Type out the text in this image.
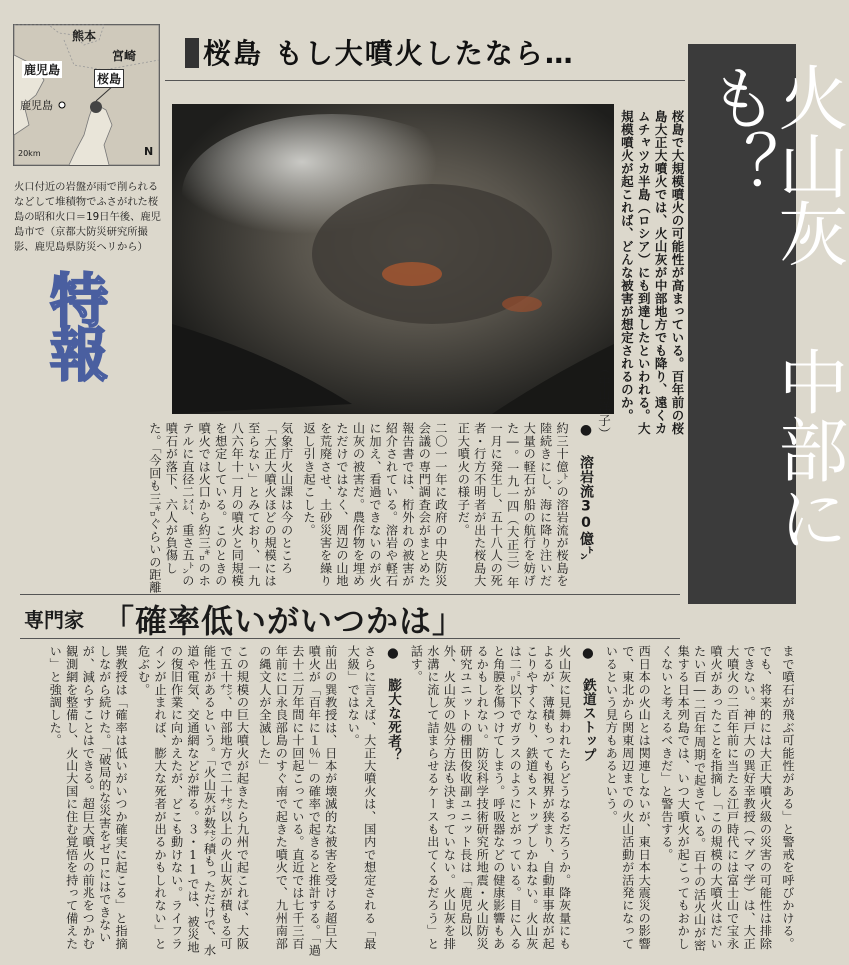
熊本
宮崎
鹿児島
桜島
鹿児島
20km	N
火口付近の岩盤が雨で削られるなどして堆積物でふさがれた桜島の昭和火口＝19日午後、鹿児島市で（京都大防災研究所撮影、鹿児島県防災ヘリから）
特報
桜島 もし大噴火したなら…
火山灰 中部にも？

桜島で大規模噴火の可能性が高まっている。百年前の桜島大正大噴火では、火山灰が中部地方でも降り、遠くカムチャツカ半島（ロシア）にも到達したといわれる。大規模噴火が起これば、どんな被害が想定されるのか。

（中山洋子）

● 溶岩流30億㌧

約三十億㌧の溶岩流が桜島を陸続きにし、海に降り注いだ大量の軽石が船の航行を妨げた―。一九一四（大正三）年一月に発生し、五十八人の死者・行方不明者が出た桜島大正大噴火の様子だ。

二〇一一年に政府の中央防災会議の専門調査会がまとめた報告書では、桁外れの被害が紹介されている。溶岩や軽石に加え、看過できないのが火山灰の被害だ。農作物を埋めただけではなく、周辺の山地を荒廃させ、土砂災害を繰り返し引き起こした。

気象庁火山課は今のところ「大正大噴火ほどの規模には至らない」とみており、一九八六年十一月の噴火と同規模を想定している。このときの噴火では火口から約三㌔のホテルに直径二㍍、重さ五㌧の噴石が落下、六人が負傷した。「今回も三㌔ぐらいの距離

専門家 「確率低いがいつかは」

まで噴石が飛ぶ可能性がある」と警戒を呼びかける。

でも、将来的には大正大噴火級の災害の可能性は排除できない。神戸大の巽好幸教授（マグマ学）は、大正大噴火の二百年前に当たる江戸時代には富士山で宝永噴火があったことを指摘し「この規模の大噴火はだいたい百―二百年周期で起きている。百十の活火山が密集する日本列島では、いつ大噴火が起こってもおかしくないと考えるべきだ」と警告する。

西日本の火山とは関連しないが、東日本大震災の影響で、東北から関東周辺までの火山活動が活発になっているという見方もあるという。

● 鉄道ストップ

火山灰に見舞われたらどうなるだろうか。降灰量にもよるが、薄積もっても視界が狭まり、自動車事故が起こりやすくなり、鉄道もストップしかねない。火山灰は二㍉以下でガラスのようにとがっている。目に入ると角膜を傷つけてしまう。呼吸器などの健康影響もあるかもしれない。防災科学技術研究所地震・火山防災研究ユニットの棚田俊收副ユニット長は「鹿児島以外、火山灰の処分方法も決まっていない。火山灰を排水溝に流して詰まらせるケースも出てくるだろう」と話す。

● 膨大な死者？

さらに言えば、大正大噴火は、国内で想定される「最大級」ではない。

前出の巽教授は、日本が壊滅的な被害を受ける超巨大噴火が「百年に１％」の確率で起きると推計する。「過去十二万年間に十回起こっている。直近では七千三百年前に口永良部島のすぐ南で起きた噴火で、九州南部の縄文人が全滅した」

この規模の巨大噴火が起きたら九州で起これば、大阪で五十㌢、中部地方で二十㌢以上の火山灰が積もる可能性があるという。「火山灰が数㌢積もっただけで、水道や電気、交通網などが滞る。３・11では、被災地の復旧作業に向かえたが、どこも動けない。ライフラインが止まれば、膨大な死者が出るかもしれない」と危ぶむ。

巽教授は「確率は低いがいつか確実に起こる」と指摘しながら続けた。「破局的な災害をゼロにはできないが、減らすことはできる。超巨大噴火の前兆をつかむ観測網を整備し、火山大国に住む覚悟を持って備えたい」と強調した。
